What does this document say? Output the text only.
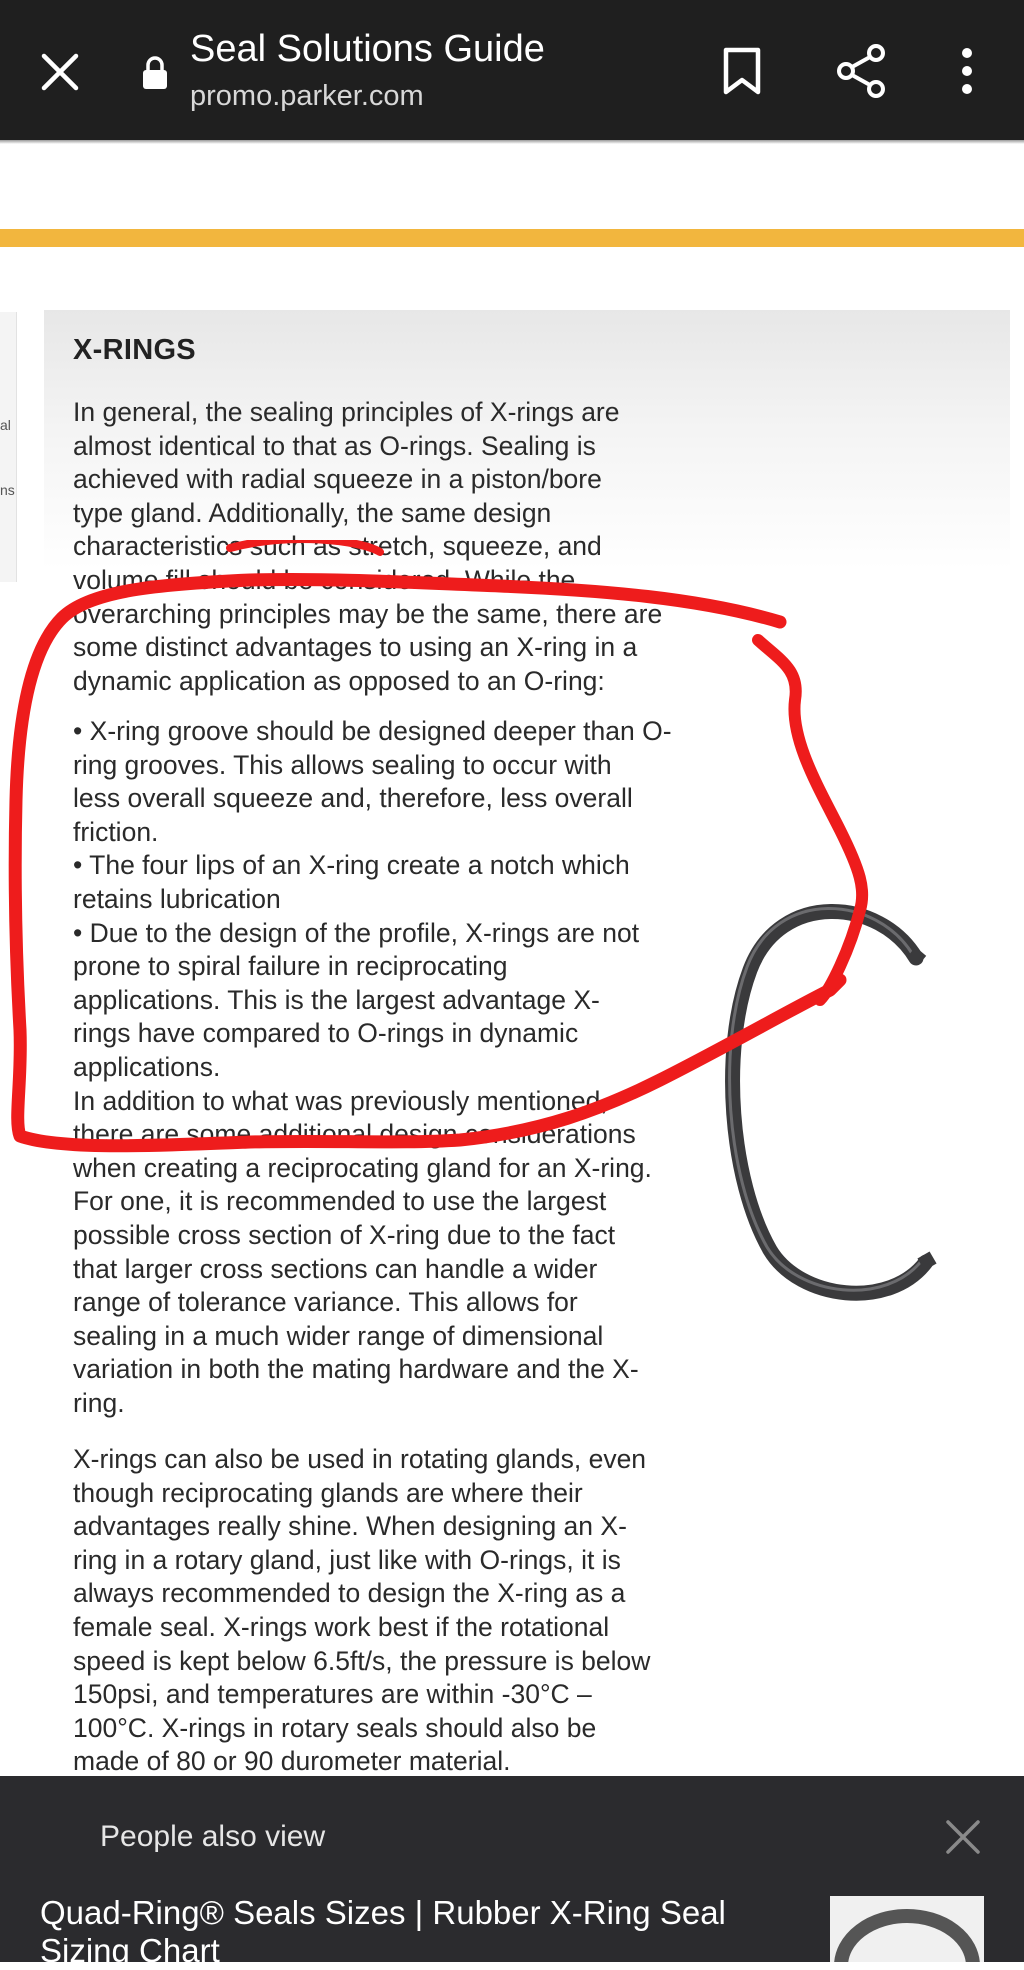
Seal Solutions Guide
promo.parker.com
al
ns
X-RINGS

In general, the sealing principles of X-rings are
almost identical to that as O-rings. Sealing is
achieved with radial squeeze in a piston/bore
type gland. Additionally, the same design
characteristics such as stretch, squeeze, and
volume fill should be considered. While the
overarching principles may be the same, there are
some distinct advantages to using an X-ring in a
dynamic application as opposed to an O-ring:

• X-ring groove should be designed deeper than O-
ring grooves. This allows sealing to occur with
less overall squeeze and, therefore, less overall
friction.
• The four lips of an X-ring create a notch which
retains lubrication
• Due to the design of the profile, X-rings are not
prone to spiral failure in reciprocating
applications. This is the largest advantage X-
rings have compared to O-rings in dynamic
applications.
In addition to what was previously mentioned,
there are some additional design considerations
when creating a reciprocating gland for an X-ring.
For one, it is recommended to use the largest
possible cross section of X-ring due to the fact
that larger cross sections can handle a wider
range of tolerance variance. This allows for
sealing in a much wider range of dimensional
variation in both the mating hardware and the X-
ring.

X-rings can also be used in rotating glands, even
though reciprocating glands are where their
advantages really shine. When designing an X-
ring in a rotary gland, just like with O-rings, it is
always recommended to design the X-ring as a
female seal. X-rings work best if the rotational
speed is kept below 6.5ft/s, the pressure is below
150psi, and temperatures are within -30°C –
100°C. X-rings in rotary seals should also be
made of 80 or 90 durometer material.

People also view
Quad-Ring® Seals Sizes | Rubber X-Ring Seal Sizing Chart
